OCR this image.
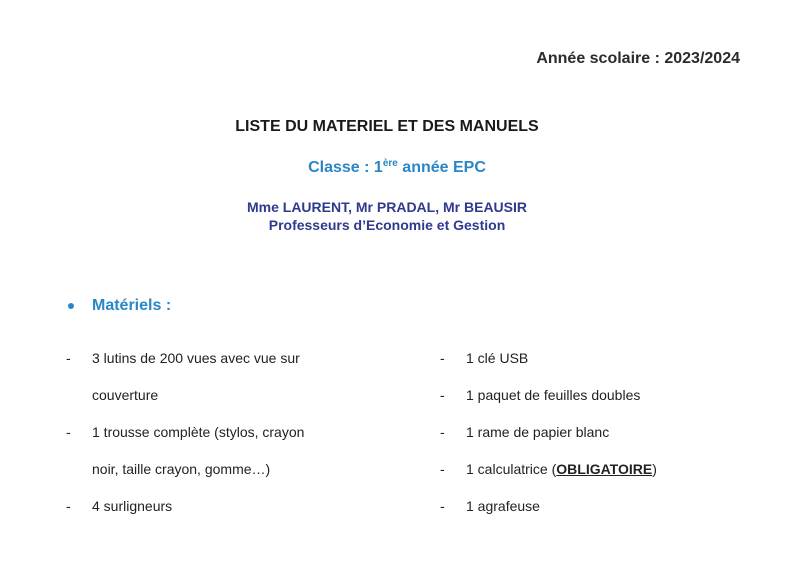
Année scolaire : 2023/2024
LISTE DU MATERIEL ET DES MANUELS
Classe : 1ère année EPC
Mme LAURENT, Mr PRADAL, Mr BEAUSIR
Professeurs d’Economie et Gestion
Matériels :
-	3 lutins de 200 vues avec vue sur
couverture
-	1 trousse complète (stylos, crayon
noir, taille crayon, gomme…)
-	4 surligneurs
-	1 clé USB
-	1 paquet de feuilles doubles
-	1 rame de papier blanc
-	1 calculatrice (OBLIGATOIRE)
-	1 agrafeuse
